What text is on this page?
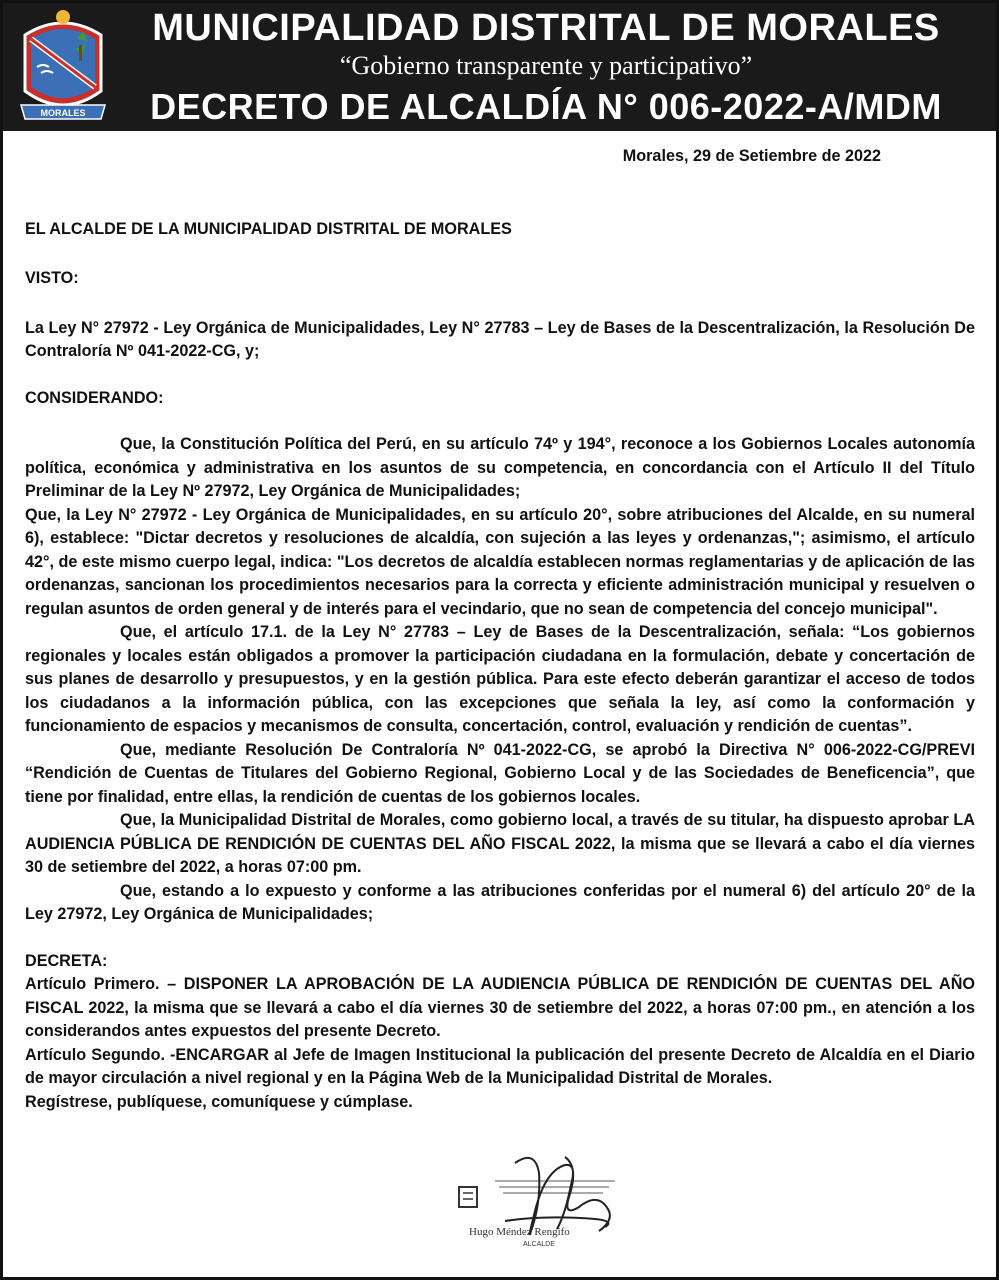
MORALES
MUNICIPALIDAD DISTRITAL DE MORALES
“Gobierno transparente y participativo”
DECRETO DE ALCALDÍA N° 006-2022-A/MDM
Morales, 29 de Setiembre de 2022

EL ALCALDE DE LA MUNICIPALIDAD DISTRITAL DE MORALES

VISTO:

La Ley N° 27972 - Ley Orgánica de Municipalidades, Ley N° 27783 – Ley de Bases de la Descentralización, la Resolución De Contraloría Nº 041-2022-CG, y;

CONSIDERANDO:

Que, la Constitución Política del Perú, en su artículo 74º y 194°, reconoce a los Gobiernos Locales autonomía política, económica y administrativa en los asuntos de su competencia, en concordancia con el Artículo II del Título Preliminar de la Ley Nº 27972, Ley Orgánica de Municipalidades;

Que, la Ley N° 27972 - Ley Orgánica de Municipalidades, en su artículo 20°, sobre atribuciones del Alcalde, en su numeral 6), establece: "Dictar decretos y resoluciones de alcaldía, con sujeción a las leyes y ordenanzas,"; asimismo, el artículo 42°, de este mismo cuerpo legal, indica: "Los decretos de alcaldía establecen normas reglamentarias y de aplicación de las ordenanzas, sancionan los procedimientos necesarios para la correcta y eficiente administración municipal y resuelven o regulan asuntos de orden general y de interés para el vecindario, que no sean de competencia del concejo municipal".

Que, el artículo 17.1. de la Ley N° 27783 – Ley de Bases de la Descentralización, señala: “Los gobiernos regionales y locales están obligados a promover la participación ciudadana en la formulación, debate y concertación de sus planes de desarrollo y presupuestos, y en la gestión pública. Para este efecto deberán garantizar el acceso de todos los ciudadanos a la información pública, con las excepciones que señala la ley, así como la conformación y funcionamiento de espacios y mecanismos de consulta, concertación, control, evaluación y rendición de cuentas”.

Que, mediante Resolución De Contraloría Nº 041-2022-CG, se aprobó la Directiva N° 006-2022-CG/PREVI “Rendición de Cuentas de Titulares del Gobierno Regional, Gobierno Local y de las Sociedades de Beneficencia”, que tiene por finalidad, entre ellas, la rendición de cuentas de los gobiernos locales.

Que, la Municipalidad Distrital de Morales, como gobierno local, a través de su titular, ha dispuesto aprobar LA AUDIENCIA PÚBLICA DE RENDICIÓN DE CUENTAS DEL AÑO FISCAL 2022, la misma que se llevará a cabo el día viernes 30 de setiembre del 2022, a horas 07:00 pm.

Que, estando a lo expuesto y conforme a las atribuciones conferidas por el numeral 6) del artículo 20° de la Ley 27972, Ley Orgánica de Municipalidades;

DECRETA:

Artículo Primero. – DISPONER LA APROBACIÓN DE LA AUDIENCIA PÚBLICA DE RENDICIÓN DE CUENTAS DEL AÑO FISCAL 2022, la misma que se llevará a cabo el día viernes 30 de setiembre del 2022, a horas 07:00 pm., en atención a los considerandos antes expuestos del presente Decreto.

Artículo Segundo. -ENCARGAR al Jefe de Imagen Institucional la publicación del presente Decreto de Alcaldía en el Diario de mayor circulación a nivel regional y en la Página Web de la Municipalidad Distrital de Morales.

Regístrese, publíquese, comuníquese y cúmplase.

Hugo Méndez Rengifo
ALCALDE
